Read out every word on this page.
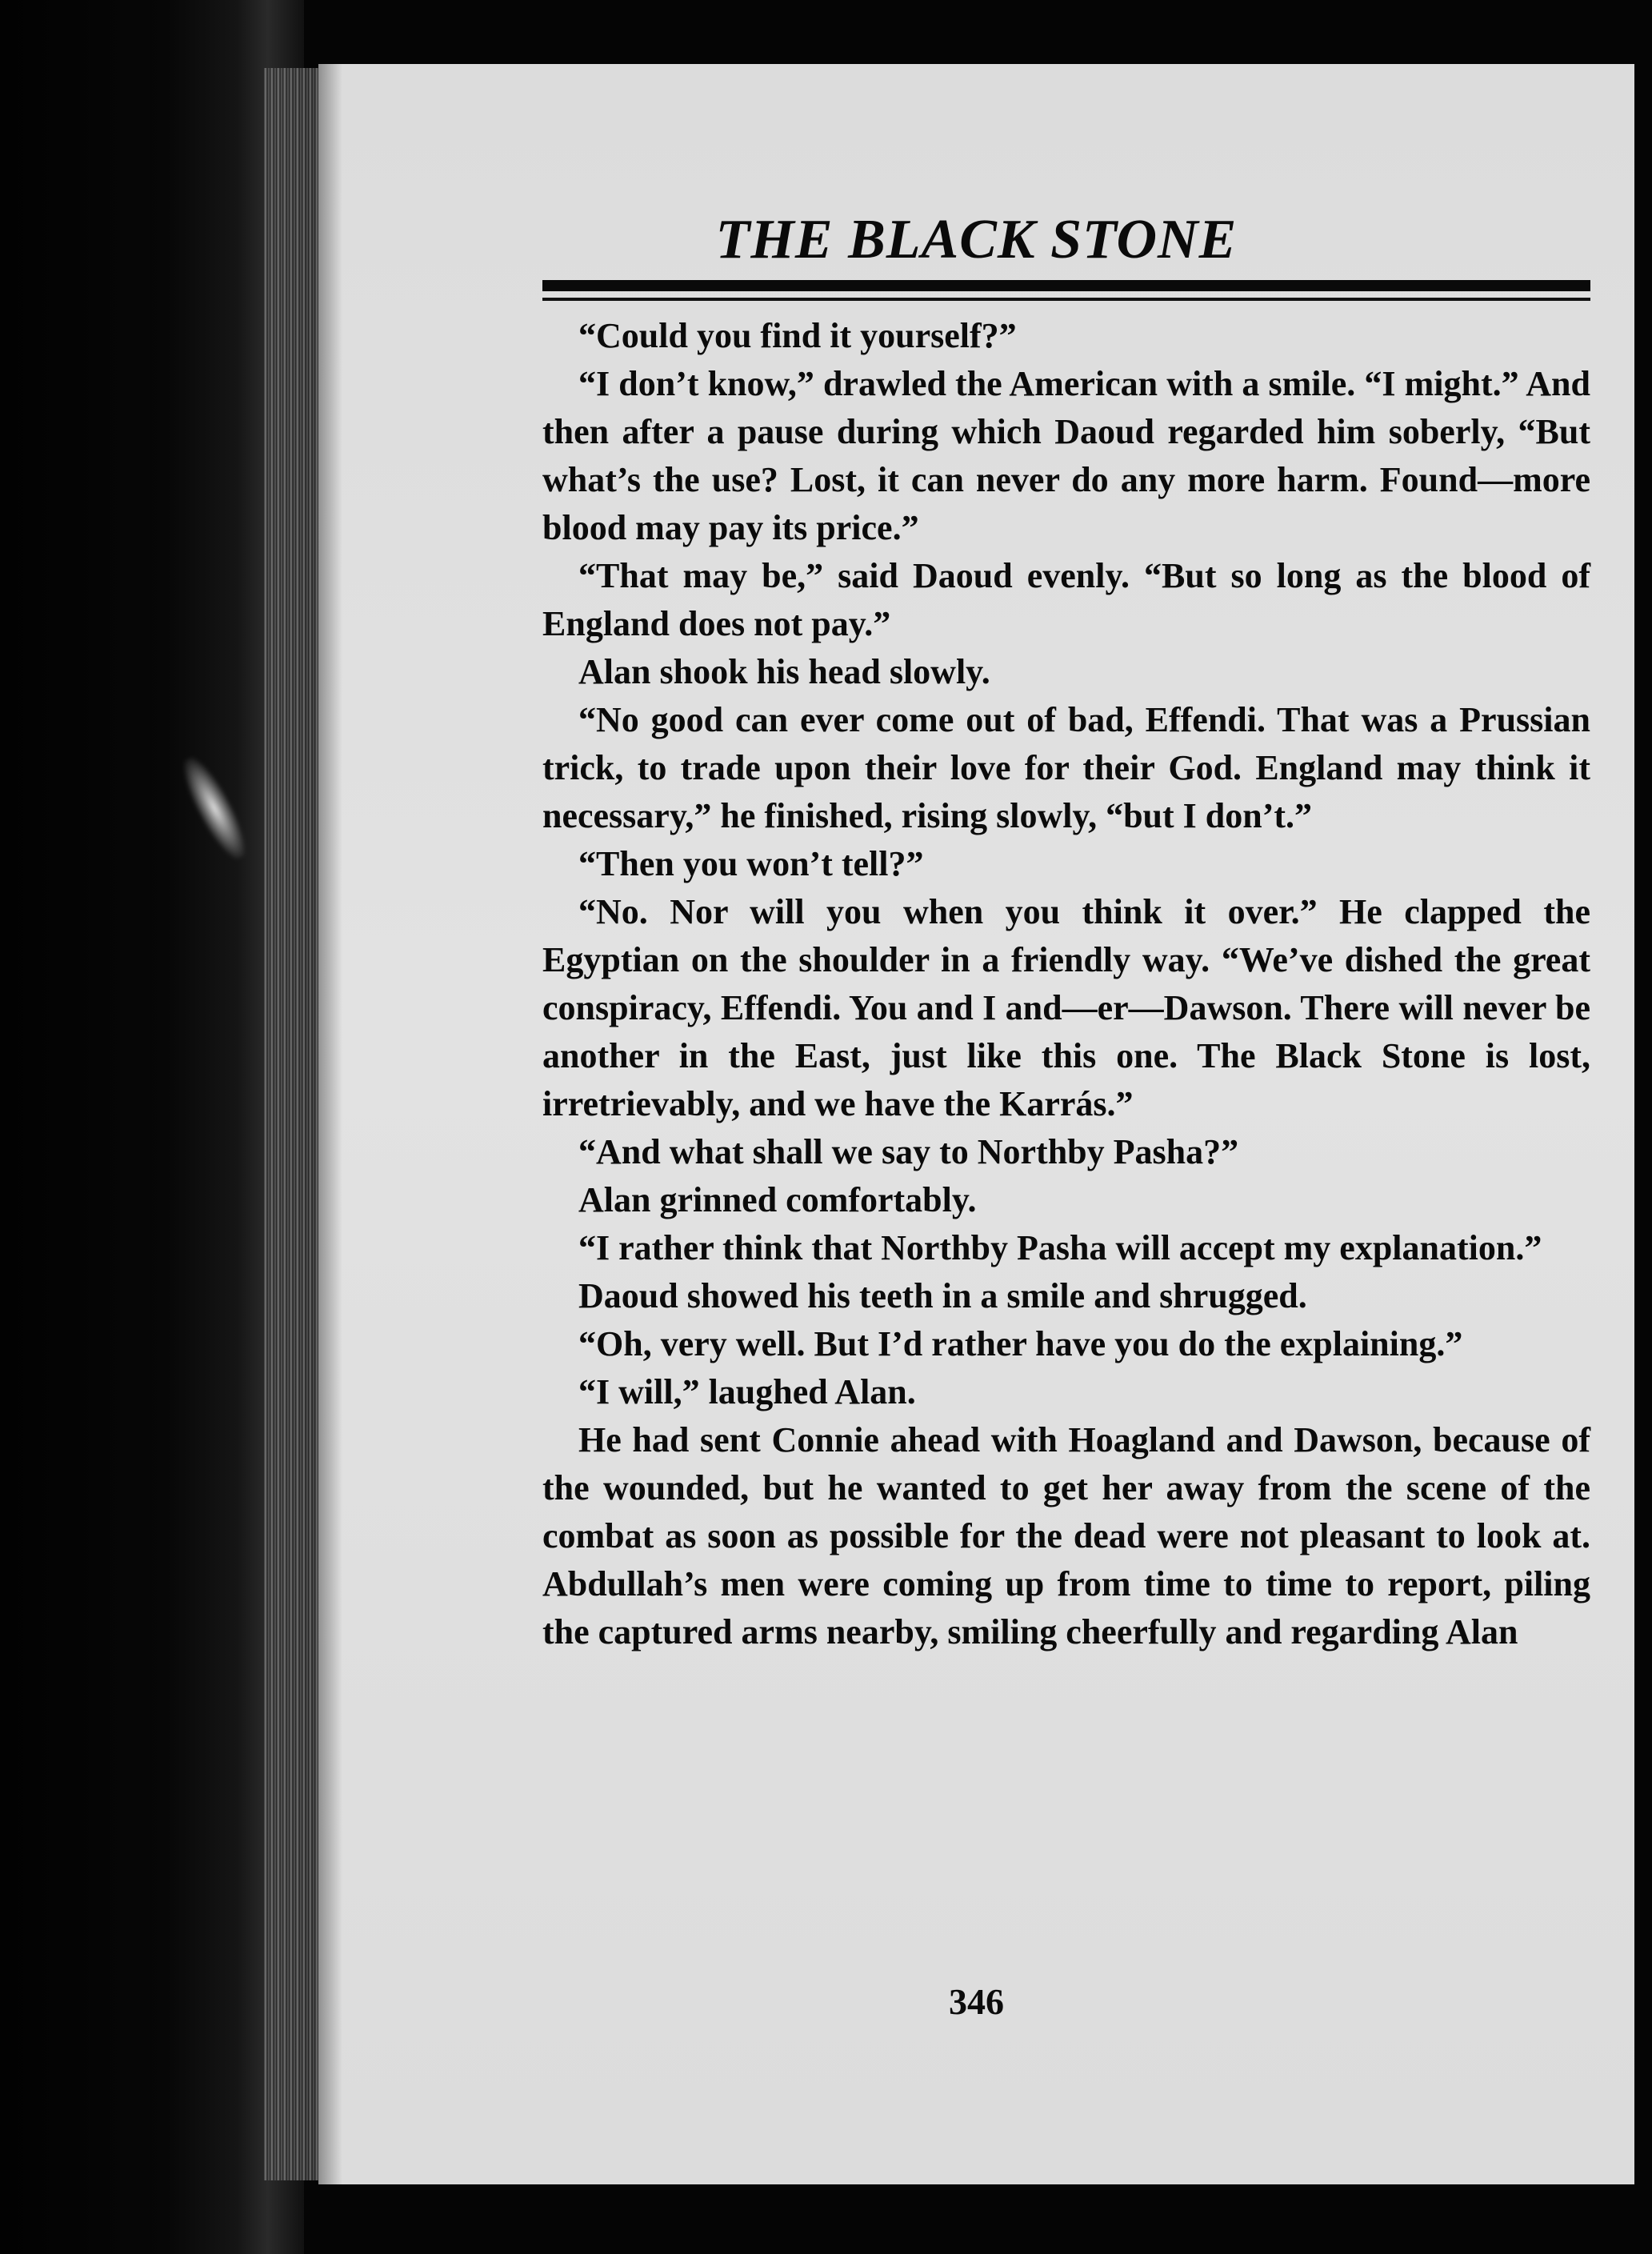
THE BLACK STONE

“Could you find it yourself?”

“I don’t know,” drawled the American with a smile. “I might.” And then after a pause during which Daoud regarded him soberly, “But what’s the use? Lost, it can never do any more harm. Found—more blood may pay its price.”

“That may be,” said Daoud evenly. “But so long as the blood of England does not pay.”

Alan shook his head slowly.

“No good can ever come out of bad, Effendi. That was a Prussian trick, to trade upon their love for their God. England may think it necessary,” he finished, rising slowly, “but I don’t.”

“Then you won’t tell?”

“No. Nor will you when you think it over.” He clapped the Egyptian on the shoulder in a friendly way. “We’ve dished the great conspiracy, Effendi. You and I and—er—Dawson. There will never be another in the East, just like this one. The Black Stone is lost, irretrievably, and we have the Karrás.”

“And what shall we say to Northby Pasha?”

Alan grinned comfortably.

“I rather think that Northby Pasha will accept my explanation.”

Daoud showed his teeth in a smile and shrugged.

“Oh, very well. But I’d rather have you do the explaining.”

“I will,” laughed Alan.

He had sent Connie ahead with Hoagland and Dawson, because of the wounded, but he wanted to get her away from the scene of the combat as soon as possible for the dead were not pleasant to look at. Abdullah’s men were coming up from time to time to report, piling the captured arms nearby, smiling cheerfully and regarding Alan

346
